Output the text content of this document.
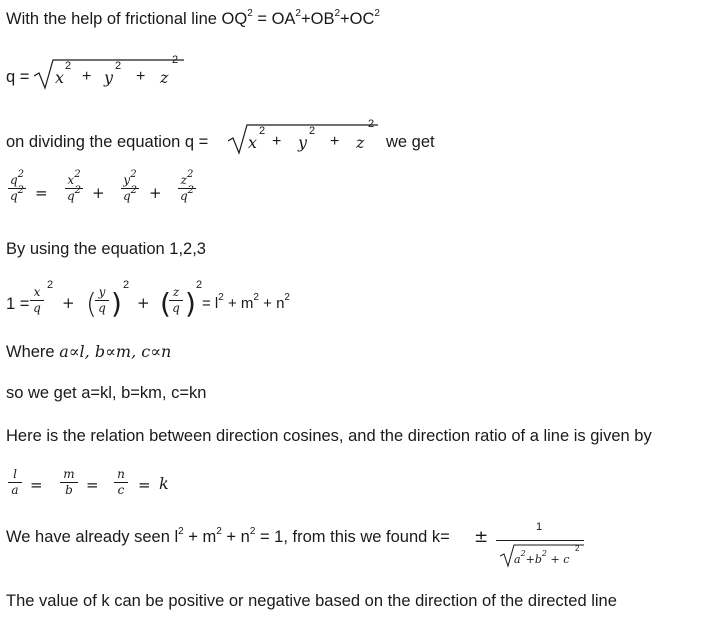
With the help of frictional line $OQ^2 = OA^2+OB^2+OC^2$
q = x
2
+ y
2
+ z
2
on dividing the equation q = x
2
+ y
2
+ z
2
we get
$q^2$
$q^2$ =
$x^2$
$q^2$ +
$y^2$
$q^2$ +
$z^2$
$q^2$
By using the equation 1,2,3
1 =
x
q
2
+ ( y
q )
2
+ ( z
q )
2
= $l^2 + m^2 + n^2$
Where a∝l, b∝m, c∝n
so we get a=kl, b=km, c=kn
Here is the relation between direction cosines, and the direction ratio of a line is given by
l
a =
m
b =
n
c = k
We have already seen $l^2 + m^2 + n^2 = 1$, from this we found k= ±	1
$a^2+b^2 + c$
2
The value of k can be positive or negative based on the direction of the directed line
